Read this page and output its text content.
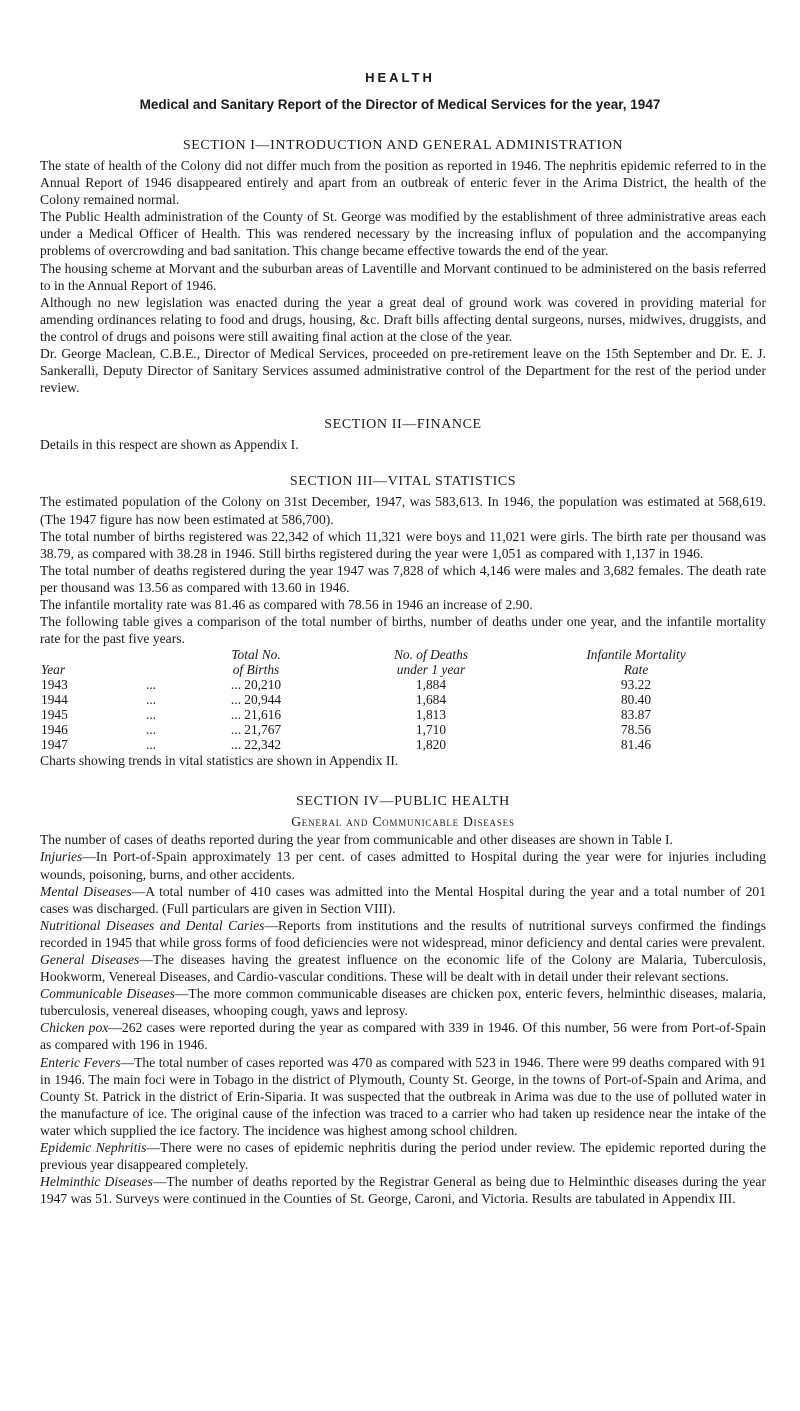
HEALTH
Medical and Sanitary Report of the Director of Medical Services for the year, 1947
SECTION I—INTRODUCTION AND GENERAL ADMINISTRATION

The state of health of the Colony did not differ much from the position as reported in 1946. The nephritis epidemic referred to in the Annual Report of 1946 disappeared entirely and apart from an outbreak of enteric fever in the Arima District, the health of the Colony remained normal.

The Public Health administration of the County of St. George was modified by the establishment of three administrative areas each under a Medical Officer of Health. This was rendered necessary by the increasing influx of population and the accompanying problems of overcrowding and bad sanitation. This change became effective towards the end of the year.

The housing scheme at Morvant and the suburban areas of Laventille and Morvant continued to be administered on the basis referred to in the Annual Report of 1946.

Although no new legislation was enacted during the year a great deal of ground work was covered in providing material for amending ordinances relating to food and drugs, housing, &c. Draft bills affecting dental surgeons, nurses, midwives, druggists, and the control of drugs and poisons were still awaiting final action at the close of the year.

Dr. George Maclean, C.B.E., Director of Medical Services, proceeded on pre-retirement leave on the 15th September and Dr. E. J. Sankeralli, Deputy Director of Sanitary Services assumed administrative control of the Department for the rest of the period under review.

SECTION II—FINANCE

Details in this respect are shown as Appendix I.

SECTION III—VITAL STATISTICS

The estimated population of the Colony on 31st December, 1947, was 583,613. In 1946, the population was estimated at 568,619. (The 1947 figure has now been estimated at 586,700).

The total number of births registered was 22,342 of which 11,321 were boys and 11,021 were girls. The birth rate per thousand was 38.79, as compared with 38.28 in 1946. Still births registered during the year were 1,051 as compared with 1,137 in 1946.

The total number of deaths registered during the year 1947 was 7,828 of which 4,146 were males and 3,682 females. The death rate per thousand was 13.56 as compared with 13.60 in 1946.

The infantile mortality rate was 81.46 as compared with 78.56 in 1946 an increase of 2.90.

The following table gives a comparison of the total number of births, number of deaths under one year, and the infantile mortality rate for the past five years.

		Total No.	No. of Deaths	Infantile Mortality
Year		of Births	under 1 year	Rate
1943	...	... 20,210	1,884	93.22
1944	...	... 20,944	1,684	80.40
1945	...	... 21,616	1,813	83.87
1946	...	... 21,767	1,710	78.56
1947	...	... 22,342	1,820	81.46

Charts showing trends in vital statistics are shown in Appendix II.

SECTION IV—PUBLIC HEALTH
General and Communicable Diseases

The number of cases of deaths reported during the year from communicable and other diseases are shown in Table I.

Injuries—In Port-of-Spain approximately 13 per cent. of cases admitted to Hospital during the year were for injuries including wounds, poisoning, burns, and other accidents.

Mental Diseases—A total number of 410 cases was admitted into the Mental Hospital during the year and a total number of 201 cases was discharged. (Full particulars are given in Section VIII).

Nutritional Diseases and Dental Caries—Reports from institutions and the results of nutritional surveys confirmed the findings recorded in 1945 that while gross forms of food deficiencies were not widespread, minor deficiency and dental caries were prevalent.

General Diseases—The diseases having the greatest influence on the economic life of the Colony are Malaria, Tuberculosis, Hookworm, Venereal Diseases, and Cardio-vascular conditions. These will be dealt with in detail under their relevant sections.

Communicable Diseases—The more common communicable diseases are chicken pox, enteric fevers, helminthic diseases, malaria, tuberculosis, venereal diseases, whooping cough, yaws and leprosy.

Chicken pox—262 cases were reported during the year as compared with 339 in 1946. Of this number, 56 were from Port-of-Spain as compared with 196 in 1946.

Enteric Fevers—The total number of cases reported was 470 as compared with 523 in 1946. There were 99 deaths compared with 91 in 1946. The main foci were in Tobago in the district of Plymouth, County St. George, in the towns of Port-of-Spain and Arima, and County St. Patrick in the district of Erin-Siparia. It was suspected that the outbreak in Arima was due to the use of polluted water in the manufacture of ice. The original cause of the infection was traced to a carrier who had taken up residence near the intake of the water which supplied the ice factory. The incidence was highest among school children.

Epidemic Nephritis—There were no cases of epidemic nephritis during the period under review. The epidemic reported during the previous year disappeared completely.

Helminthic Diseases—The number of deaths reported by the Registrar General as being due to Helminthic diseases during the year 1947 was 51. Surveys were continued in the Counties of St. George, Caroni, and Victoria. Results are tabulated in Appendix III.
